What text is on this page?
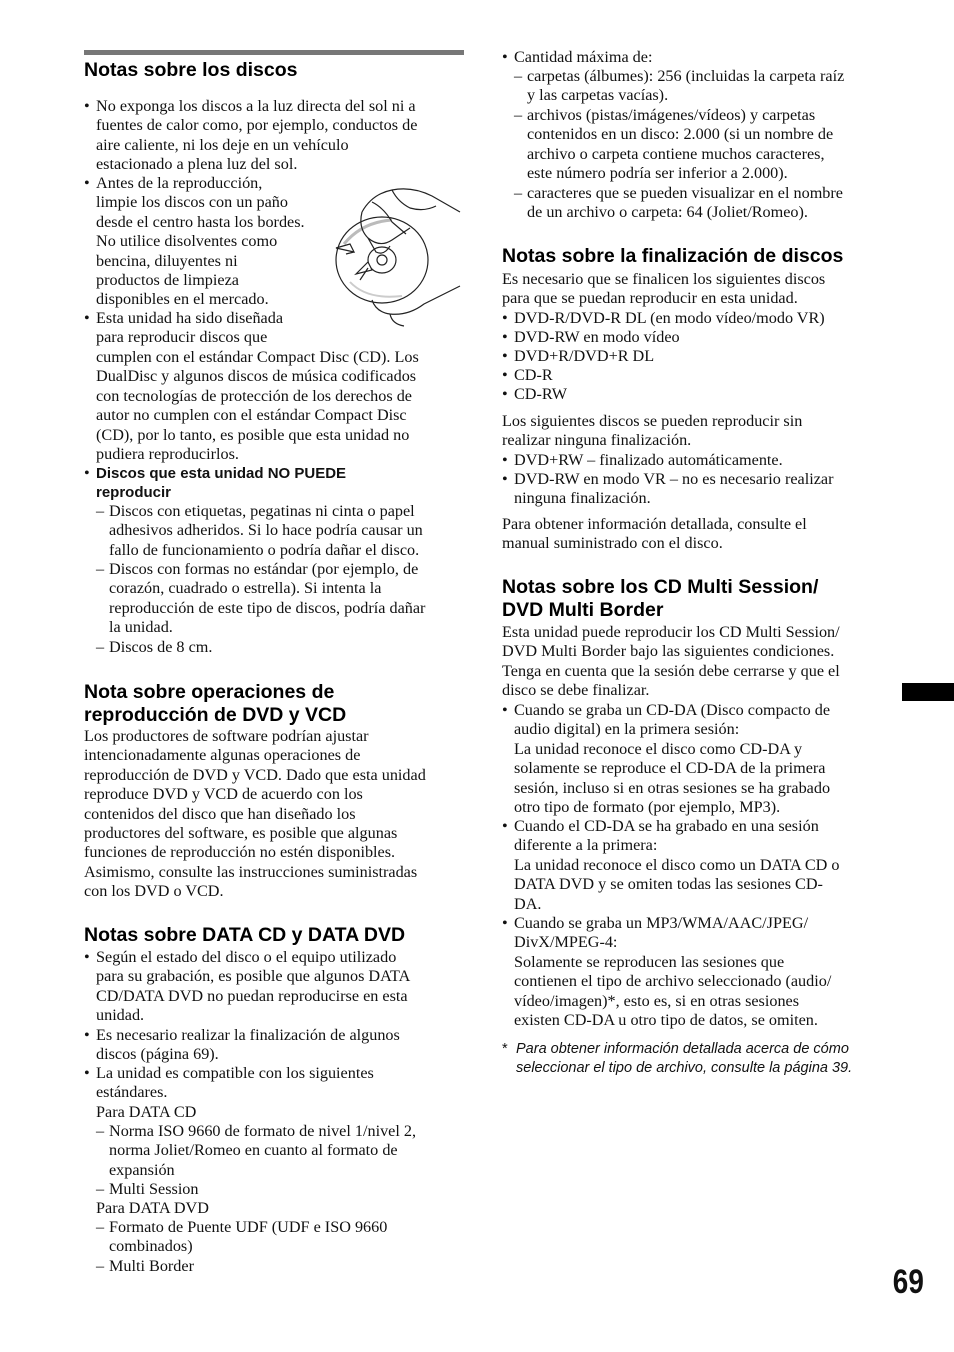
Notas sobre los discos
• No exponga los discos a la luz directa del sol ni a
fuentes de calor como, por ejemplo, conductos de
aire caliente, ni los deje en un vehículo
estacionado a plena luz del sol.

• Antes de la reproducción,
limpie los discos con un paño
desde el centro hasta los bordes.
No utilice disolventes como
bencina, diluyentes ni
productos de limpieza
disponibles en el mercado.

• Esta unidad ha sido diseñada
para reproducir discos que

cumplen con el estándar Compact Disc (CD). Los
DualDisc y algunos discos de música codificados
con tecnologías de protección de los derechos de
autor no cumplen con el estándar Compact Disc
(CD), por lo tanto, es posible que esta unidad no
pudiera reproducirlos.

• Discos que esta unidad NO PUEDE
reproducir

– Discos con etiquetas, pegatinas ni cinta o papel
adhesivos adheridos. Si lo hace podría causar un
fallo de funcionamiento o podría dañar el disco.

– Discos con formas no estándar (por ejemplo, de
corazón, cuadrado o estrella). Si intenta la
reproducción de este tipo de discos, podría dañar
la unidad.

– Discos de 8 cm.

Nota sobre operaciones de
reproducción de DVD y VCD

Los productores de software podrían ajustar
intencionadamente algunas operaciones de
reproducción de DVD y VCD. Dado que esta unidad
reproduce DVD y VCD de acuerdo con los
contenidos del disco que han diseñado los
productores del software, es posible que algunas
funciones de reproducción no estén disponibles.
Asimismo, consulte las instrucciones suministradas
con los DVD o VCD.

Notas sobre DATA CD y DATA DVD
• Según el estado del disco o el equipo utilizado
para su grabación, es posible que algunos DATA
CD/DATA DVD no puedan reproducirse en esta
unidad.

• Es necesario realizar la finalización de algunos
discos (página 69).

• La unidad es compatible con los siguientes
estándares.
Para DATA CD

– Norma ISO 9660 de formato de nivel 1/nivel 2,
norma Joliet/Romeo en cuanto al formato de
expansión

– Multi Session

Para DATA DVD

– Formato de Puente UDF (UDF e ISO 9660
combinados)

– Multi Border

• Cantidad máxima de:

– carpetas (álbumes): 256 (incluidas la carpeta raíz
y las carpetas vacías).

– archivos (pistas/imágenes/vídeos) y carpetas
contenidos en un disco: 2.000 (si un nombre de
archivo o carpeta contiene muchos caracteres,
este número podría ser inferior a 2.000).

– caracteres que se pueden visualizar en el nombre
de un archivo o carpeta: 64 (Joliet/Romeo).

Notas sobre la finalización de discos

Es necesario que se finalicen los siguientes discos
para que se puedan reproducir en esta unidad.

• DVD-R/DVD-R DL (en modo vídeo/modo VR)

• DVD-RW en modo vídeo

• DVD+R/DVD+R DL

• CD-R

• CD-RW

Los siguientes discos se pueden reproducir sin
realizar ninguna finalización.

• DVD+RW – finalizado automáticamente.

• DVD-RW en modo VR – no es necesario realizar
ninguna finalización.

Para obtener información detallada, consulte el
manual suministrado con el disco.

Notas sobre los CD Multi Session/
DVD Multi Border

Esta unidad puede reproducir los CD Multi Session/
DVD Multi Border bajo las siguientes condiciones.
Tenga en cuenta que la sesión debe cerrarse y que el
disco se debe finalizar.

• Cuando se graba un CD-DA (Disco compacto de
audio digital) en la primera sesión:
La unidad reconoce el disco como CD-DA y
solamente se reproduce el CD-DA de la primera
sesión, incluso si en otras sesiones se ha grabado
otro tipo de formato (por ejemplo, MP3).

• Cuando el CD-DA se ha grabado en una sesión
diferente a la primera:
La unidad reconoce el disco como un DATA CD o
DATA DVD y se omiten todas las sesiones CD-
DA.

• Cuando se graba un MP3/WMA/AAC/JPEG/
DivX/MPEG-4:
Solamente se reproducen las sesiones que
contienen el tipo de archivo seleccionado (audio/
vídeo/imagen)*, esto es, si en otras sesiones
existen CD-DA u otro tipo de datos, se omiten.

* Para obtener información detallada acerca de cómo
seleccionar el tipo de archivo, consulte la página 39.

69
